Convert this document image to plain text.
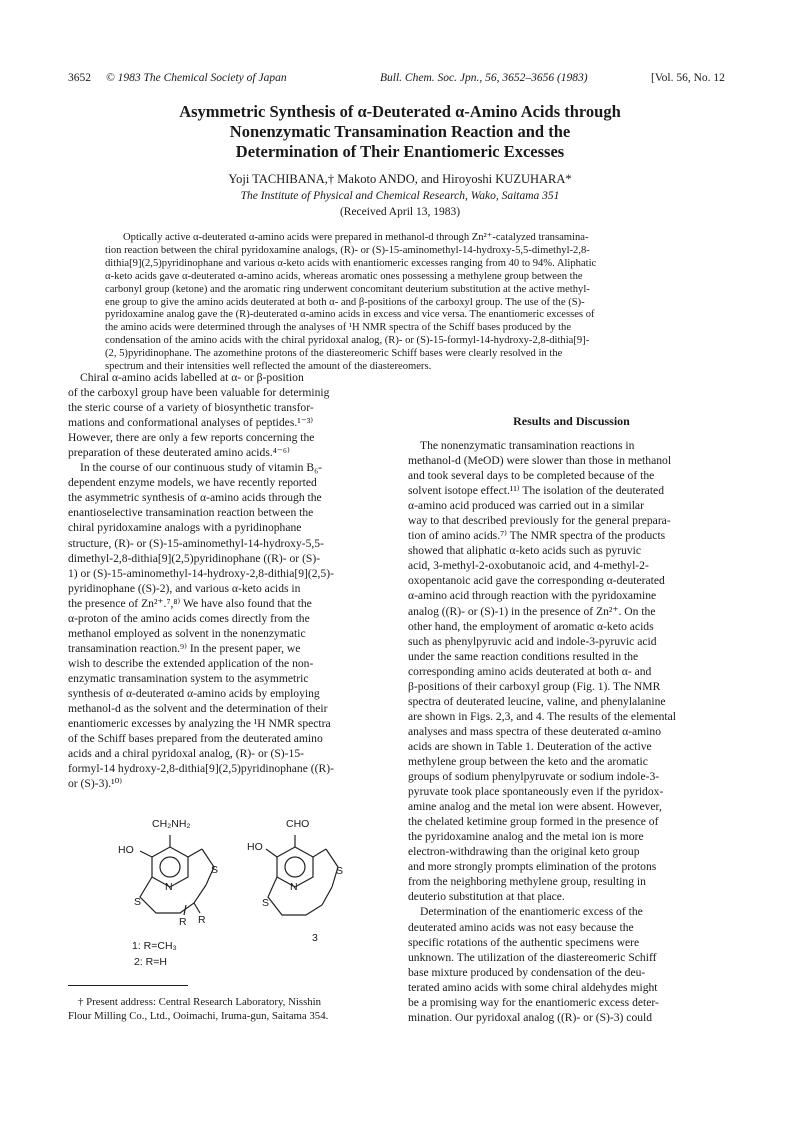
3652 © 1983 The Chemical Society of Japan	Bull. Chem. Soc. Jpn., 56, 3652–3656 (1983)	[Vol. 56, No. 12
Asymmetric Synthesis of α-Deuterated α-Amino Acids through
Nonenzymatic Transamination Reaction and the
Determination of Their Enantiomeric Excesses
Yoji TACHIBANA,† Makoto ANDO, and Hiroyoshi KUZUHARA*
The Institute of Physical and Chemical Research, Wako, Saitama 351
(Received April 13, 1983)
Optically active α-deuterated α-amino acids were prepared in methanol-d through Zn²⁺-catalyzed transamina-
tion reaction between the chiral pyridoxamine analogs, (R)- or (S)-15-aminomethyl-14-hydroxy-5,5-dimethyl-2,8-
dithia[9](2,5)pyridinophane and various α-keto acids with enantiomeric excesses ranging from 40 to 94%. Aliphatic
α-keto acids gave α-deuterated α-amino acids, whereas aromatic ones possessing a methylene group between the
carbonyl group (ketone) and the aromatic ring underwent concomitant deuterium substitution at the active methyl-
ene group to give the amino acids deuterated at both α- and β-positions of the carboxyl group. The use of the (S)-
pyridoxamine analog gave the (R)-deuterated α-amino acids in excess and vice versa. The enantiomeric excesses of
the amino acids were determined through the analyses of ¹H NMR spectra of the Schiff bases produced by the
condensation of the amino acids with the chiral pyridoxal analog, (R)- or (S)-15-formyl-14-hydroxy-2,8-dithia[9]-
(2, 5)pyridinophane. The azomethine protons of the diastereomeric Schiff bases were clearly resolved in the
spectrum and their intensities well reflected the amount of the diastereomers.
Chiral α-amino acids labelled at α- or β-position
of the carboxyl group have been valuable for determinig
the steric course of a variety of biosynthetic transfor-
mations and conformational analyses of peptides.¹⁻³⁾
However, there are only a few reports concerning the
preparation of these deuterated amino acids.⁴⁻⁶⁾
In the course of our continuous study of vitamin B₆-
dependent enzyme models, we have recently reported
the asymmetric synthesis of α-amino acids through the
enantioselective transamination reaction between the
chiral pyridoxamine analogs with a pyridinophane
structure, (R)- or (S)-15-aminomethyl-14-hydroxy-5,5-
dimethyl-2,8-dithia[9](2,5)pyridinophane ((R)- or (S)-
1) or (S)-15-aminomethyl-14-hydroxy-2,8-dithia[9](2,5)-
pyridinophane ((S)-2), and various α-keto acids in
the presence of Zn²⁺.⁷,⁸⁾ We have also found that the
α-proton of the amino acids comes directly from the
methanol employed as solvent in the nonenzymatic
transamination reaction.⁹⁾ In the present paper, we
wish to describe the extended application of the non-
enzymatic transamination system to the asymmetric
synthesis of α-deuterated α-amino acids by employing
methanol-d as the solvent and the determination of their
enantiomeric excesses by analyzing the ¹H NMR spectra
of the Schiff bases prepared from the deuterated amino
acids and a chiral pyridoxal analog, (R)- or (S)-15-
formyl-14 hydroxy-2,8-dithia[9](2,5)pyridinophane ((R)-
or (S)-3).¹⁰⁾
CH₂NH₂	CHO
HO	HO
N	N
S
S
S
S
R R
3
1: R=CH₃
2: R=H
† Present address: Central Research Laboratory, Nisshin
Flour Milling Co., Ltd., Ooimachi, Iruma-gun, Saitama 354.
Results and Discussion
The nonenzymatic transamination reactions in
methanol-d (MeOD) were slower than those in methanol
and took several days to be completed because of the
solvent isotope effect.¹¹⁾ The isolation of the deuterated
α-amino acid produced was carried out in a similar
way to that described previously for the general prepara-
tion of amino acids.⁷⁾ The NMR spectra of the products
showed that aliphatic α-keto acids such as pyruvic
acid, 3-methyl-2-oxobutanoic acid, and 4-methyl-2-
oxopentanoic acid gave the corresponding α-deuterated
α-amino acid through reaction with the pyridoxamine
analog ((R)- or (S)-1) in the presence of Zn²⁺. On the
other hand, the employment of aromatic α-keto acids
such as phenylpyruvic acid and indole-3-pyruvic acid
under the same reaction conditions resulted in the
corresponding amino acids deuterated at both α- and
β-positions of their carboxyl group (Fig. 1). The NMR
spectra of deuterated leucine, valine, and phenylalanine
are shown in Figs. 2,3, and 4. The results of the elemental
analyses and mass spectra of these deuterated α-amino
acids are shown in Table 1. Deuteration of the active
methylene group between the keto and the aromatic
groups of sodium phenylpyruvate or sodium indole-3-
pyruvate took place spontaneously even if the pyridox-
amine analog and the metal ion were absent. However,
the chelated ketimine group formed in the presence of
the pyridoxamine analog and the metal ion is more
electron-withdrawing than the original keto group
and more strongly prompts elimination of the protons
from the neighboring methylene group, resulting in
deuterio substitution at that place.
Determination of the enantiomeric excess of the
deuterated amino acids was not easy because the
specific rotations of the authentic specimens were
unknown. The utilization of the diastereomeric Schiff
base mixture produced by condensation of the deu-
terated amino acids with some chiral aldehydes might
be a promising way for the enantiomeric excess deter-
mination. Our pyridoxal analog ((R)- or (S)-3) could
